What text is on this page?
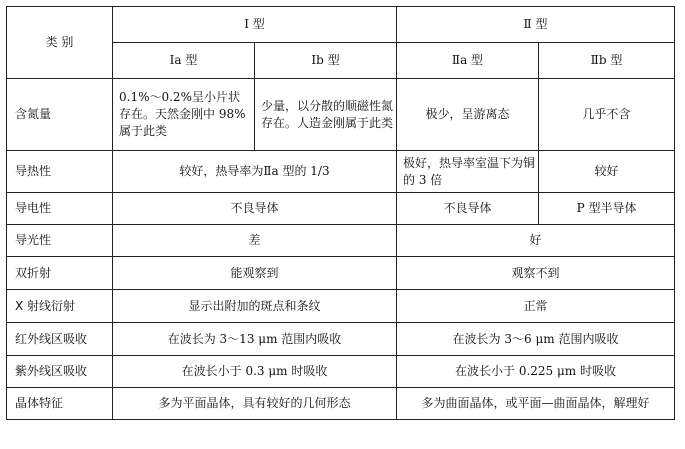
类 别	Ⅰ 型		Ⅱ 型	
	Ⅰa 型	Ⅰb 型	Ⅱa 型	Ⅱb 型
含氮量	0.1%～0.2%呈小片状存在。天然金刚中 98%属于此类	少量，以分散的顺磁性氮存在。人造金刚属于此类	极少，呈游离态	几乎不含
导热性	较好，热导率为Ⅱa 型的 1/3		极好，热导率室温下为铜的 3 倍	较好
导电性	不良导体		不良导体	P 型半导体
导光性	差		好	
双折射	能观察到		观察不到	
X 射线衍射	显示出附加的斑点和条纹		正常	
红外线区吸收	在波长为 3～13 μm 范围内吸收		在波长为 3～6 μm 范围内吸收	
紫外线区吸收	在波长小于 0.3 μm 时吸收		在波长小于 0.225 μm 时吸收	
晶体特征	多为平面晶体，具有较好的几何形态		多为曲面晶体，或平面—曲面晶体，解理好	
